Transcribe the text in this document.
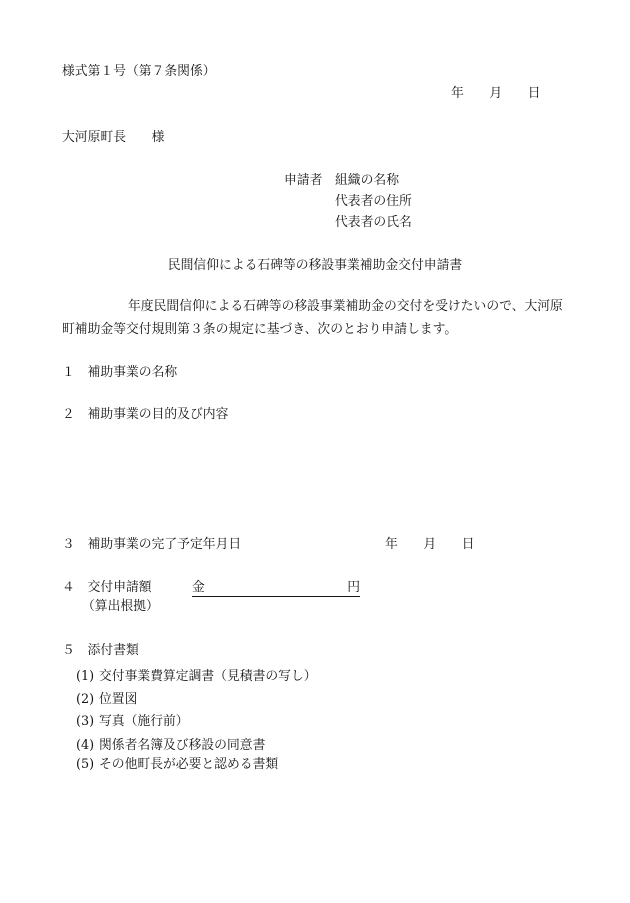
様式第１号（第７条関係）
年 月 日
大河原町長 様
申請者 組織の名称
代表者の住所
代表者の氏名
民間信仰による石碑等の移設事業補助金交付申請書
年度民間信仰による石碑等の移設事業補助金の交付を受けたいので、大河原
町補助金等交付規則第３条の規定に基づき、次のとおり申請します。
１ 補助事業の名称
２ 補助事業の目的及び内容
３ 補助事業の完了予定年月日	年 月 日
４ 交付申請額	金	円
（算出根拠）
５ 添付書類
(1) 交付事業費算定調書（見積書の写し）
(2) 位置図
(3) 写真（施行前）
(4) 関係者名簿及び移設の同意書
(5) その他町長が必要と認める書類
